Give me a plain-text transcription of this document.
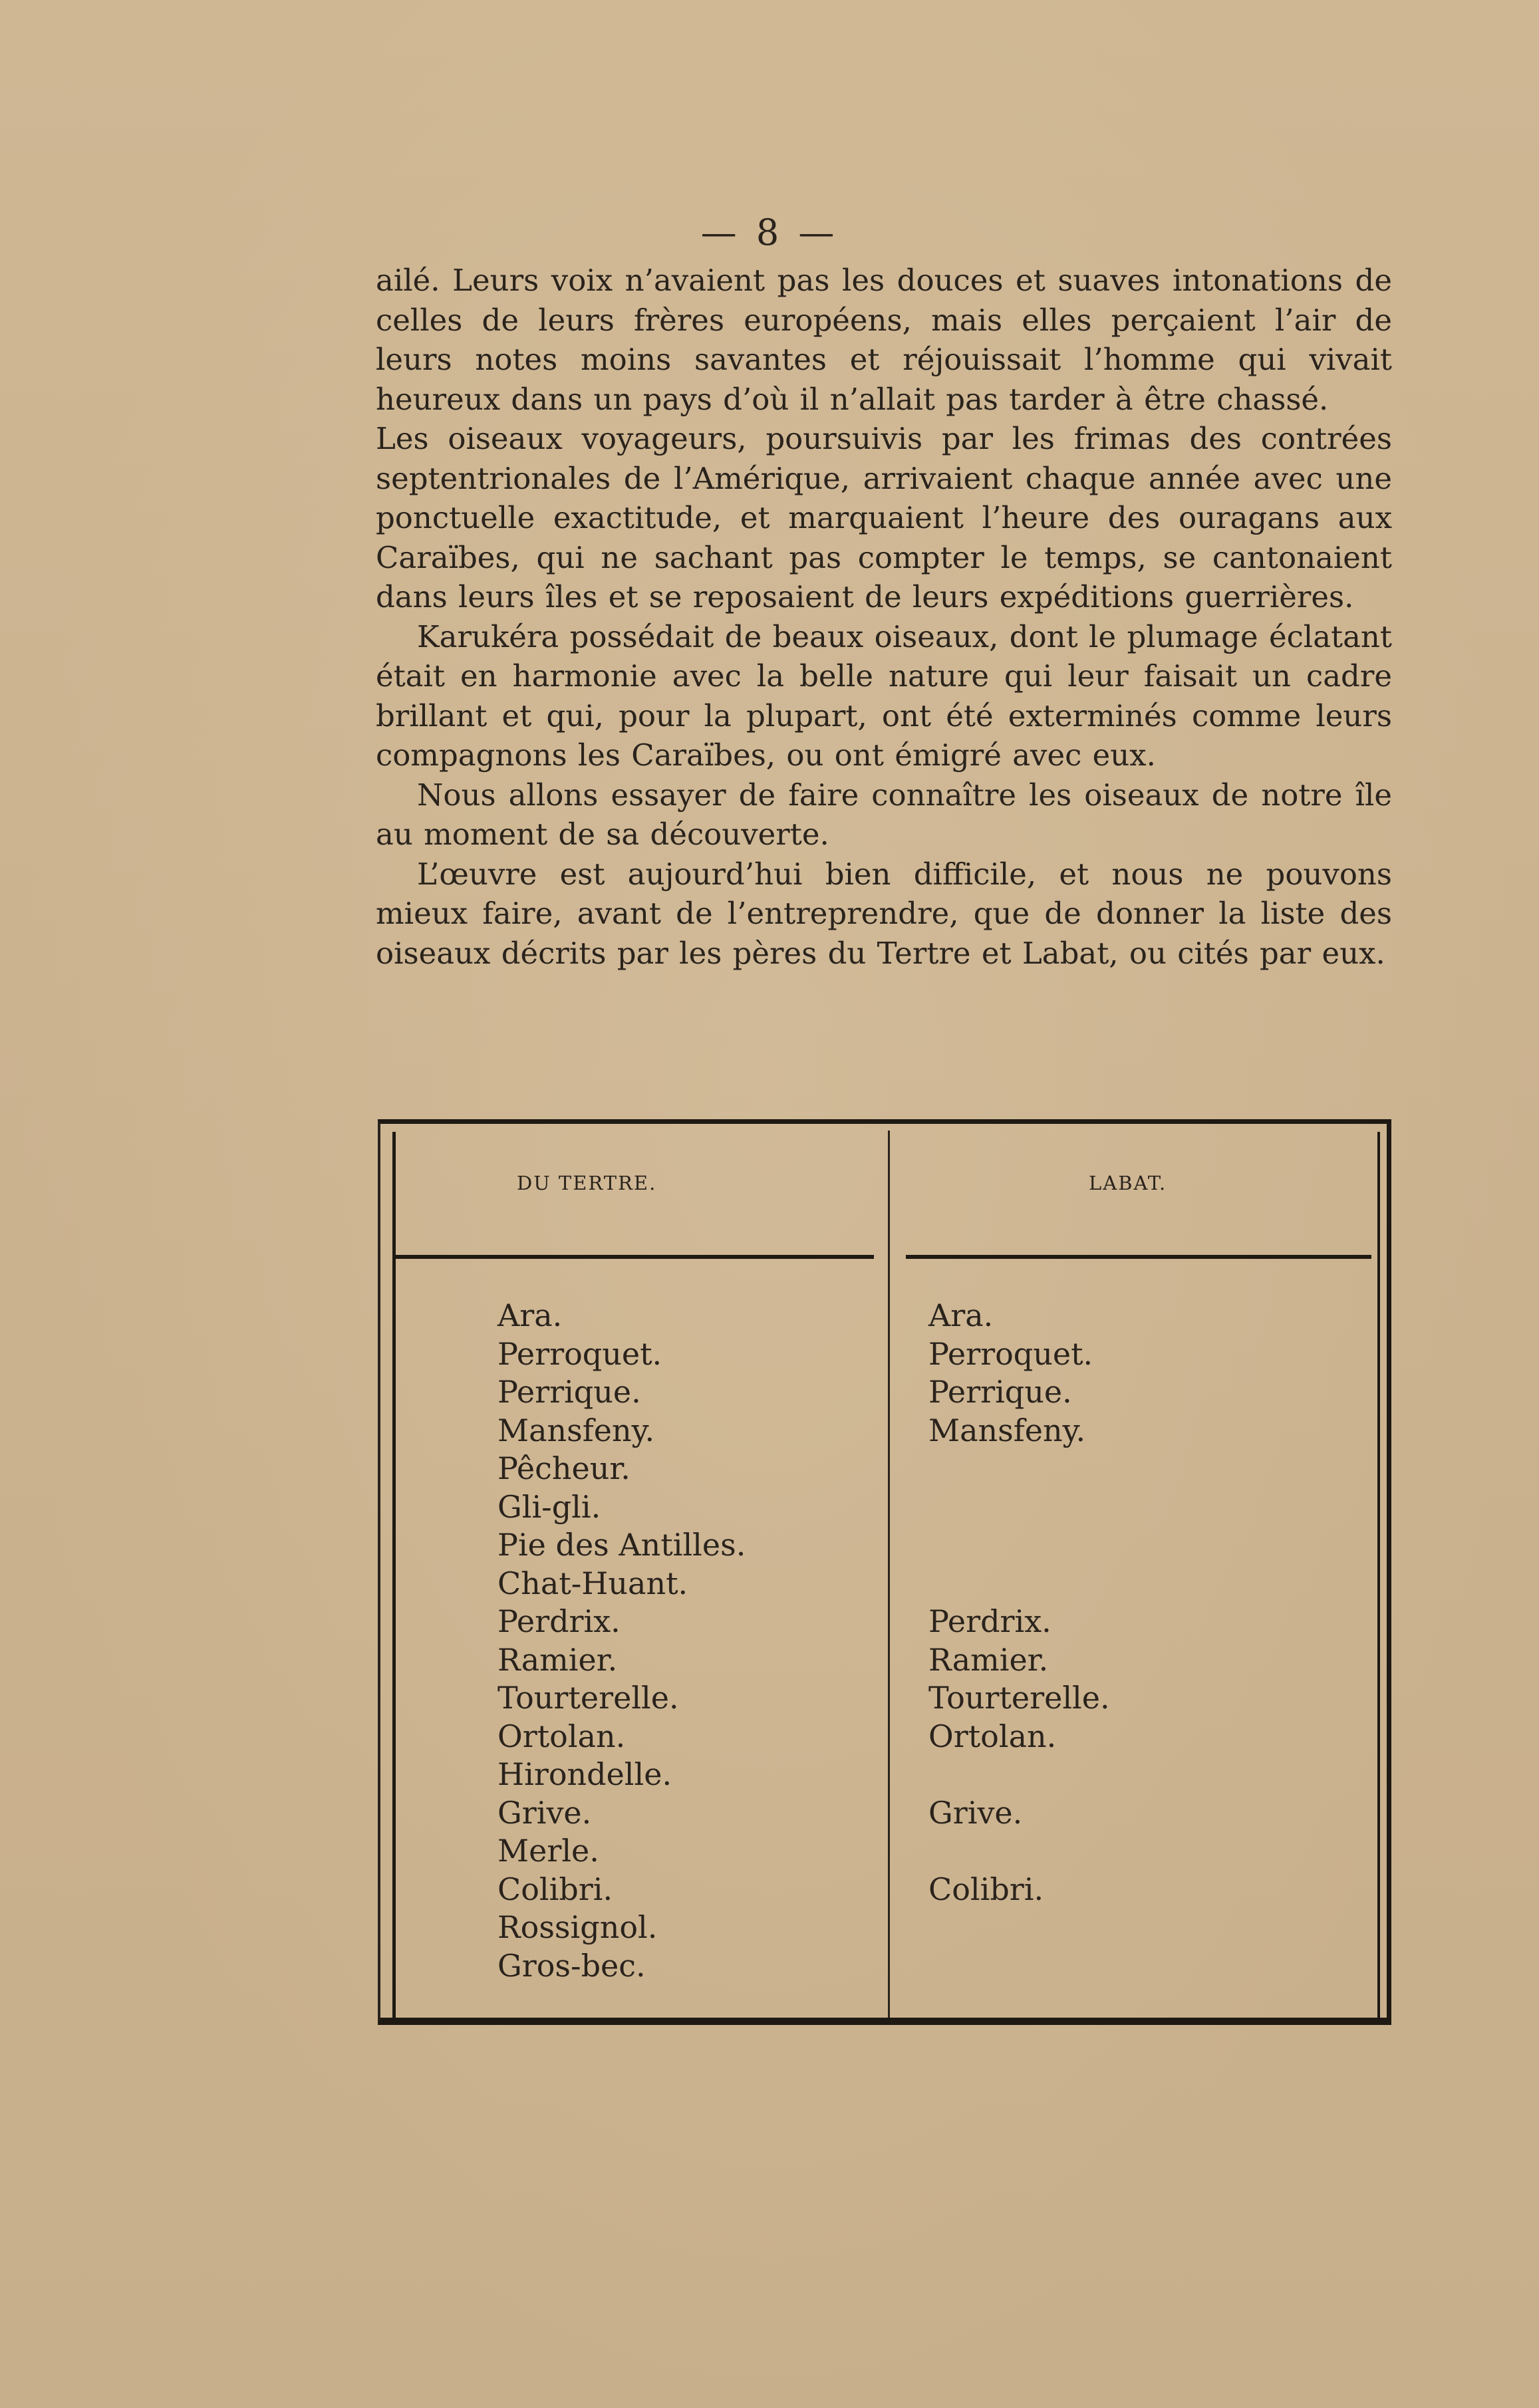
— 8 —

ailé. Leurs voix n’avaient pas les douces et suaves intonations de celles de leurs frères européens, mais elles perçaient l’air de leurs notes moins savantes et réjouissait l’homme qui vivait heureux dans un pays d’où il n’allait pas tarder à être chassé.

Les oiseaux voyageurs, poursuivis par les frimas des contrées septentrionales de l’Amérique, arrivaient chaque année avec une ponctuelle exactitude, et marquaient l’heure des ouragans aux Caraïbes, qui ne sachant pas compter le temps, se cantonaient dans leurs îles et se reposaient de leurs expéditions guerrières.

Karukéra possédait de beaux oiseaux, dont le plumage éclatant était en harmonie avec la belle nature qui leur faisait un cadre brillant et qui, pour la plupart, ont été exterminés comme leurs compagnons les Caraïbes, ou ont émigré avec eux.

Nous allons essayer de faire connaître les oiseaux de notre île au moment de sa découverte.

L’œuvre est aujourd’hui bien difficile, et nous ne pouvons mieux faire, avant de l’entreprendre, que de donner la liste des oiseaux décrits par les pères du Tertre et Labat, ou cités par eux.

DU TERTRE.	LABAT.
Ara.
Perroquet.
Perrique.
Mansfeny.
Pêcheur.
Gli-gli.
Pie des Antilles.
Chat-Huant.
Perdrix.
Ramier.
Tourterelle.
Ortolan.
Hirondelle.
Grive.
Merle.
Colibri.
Rossignol.
Gros-bec.
Ara.
Perroquet.
Perrique.
Mansfeny.
Perdrix.
Ramier.
Tourterelle.
Ortolan.
Grive.
Colibri.
